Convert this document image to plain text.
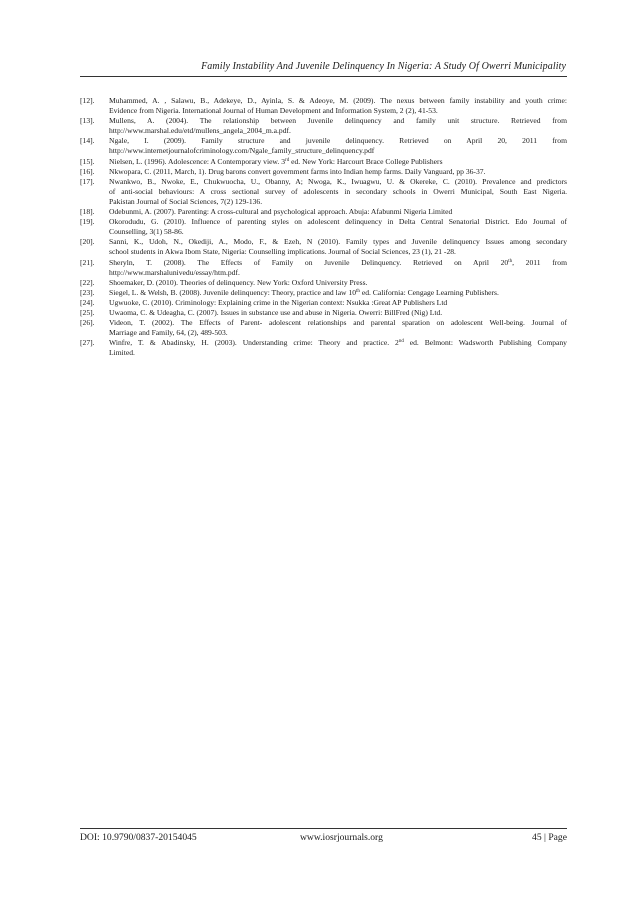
Family Instability And Juvenile Delinquency In Nigeria: A Study Of Owerri Municipality
[12].	Muhammed, A. , Salawu, B., Adekeye, D., Ayinla, S. & Adeoye, M. (2009). The nexus between family instability and youth crime:
Evidence from Nigeria. International Journal of Human Development and Information System, 2 (2), 41-53.
[13].	Mullens, A. (2004). The relationship between Juvenile delinquency and family unit structure. Retrieved from
http://www.marshal.edu/etd/mullens_angela_2004_m.a.pdf.
[14].	Ngale, I. (2009). Family structure and juvenile delinquency. Retrieved on April 20, 2011 from
http://www.internetjournalofcriminology.com/Ngale_family_structure_delinquency.pdf
[15].	Nielsen, L. (1996). Adolescence: A Contemporary view. 3rd ed. New York: Harcourt Brace College Publishers
[16].	Nkwopara, C. (2011, March, 1). Drug barons convert government farms into Indian hemp farms. Daily Vanguard, pp 36-37.
[17].	Nwankwo, B., Nwoke, E., Chukwuocha, U., Obanny, A; Nwoga, K., Iwuagwu, U. & Okereke, C. (2010). Prevalence and predictors
of anti-social behaviours: A cross sectional survey of adolescents in secondary schools in Owerri Municipal, South East Nigeria.
Pakistan Journal of Social Sciences, 7(2) 129-136.
[18].	Odebunmi, A. (2007). Parenting: A cross-cultural and psychological approach. Abuja: Afabunmi Nigeria Limited
[19].	Okorodudu, G. (2010). Influence of parenting styles on adolescent delinquency in Delta Central Senatorial District. Edo Journal of
Counselling, 3(1) 58-86.
[20].	Sanni, K., Udoh, N., Okediji, A., Modo, F., & Ezeh, N (2010). Family types and Juvenile delinquency Issues among secondary
school students in Akwa Ibom State, Nigeria: Counselling implications. Journal of Social Sciences, 23 (1), 21 -28.
[21].	Sheryln, T. (2008). The Effects of Family on Juvenile Delinquency. Retrieved on April 20th, 2011 from
http://www.marshalunivedu/essay/htm.pdf.
[22].	Shoemaker, D. (2010). Theories of delinquency. New York: Oxford University Press.
[23].	Siegel, L. & Welsh, B. (2008). Juvenile delinquency: Theory, practice and law 10th ed. California: Cengage Learning Publishers.
[24].	Ugwuoke, C. (2010). Criminology: Explaining crime in the Nigerian context: Nsukka :Great AP Publishers Ltd
[25].	Uwaoma, C. & Udeagha, C. (2007). Issues in substance use and abuse in Nigeria. Owerri: BillFred (Nig) Ltd.
[26].	Videon, T. (2002). The Effects of Parent- adolescent relationships and parental sparation on adolescent Well-being. Journal of
Marriage and Family, 64, (2), 489-503.
[27].	Winfre, T. & Abadinsky, H. (2003). Understanding crime: Theory and practice. 2nd ed. Belmont: Wadsworth Publishing Company
Limited.
DOI: 10.9790/0837-20154045	www.iosrjournals.org	45 | Page
